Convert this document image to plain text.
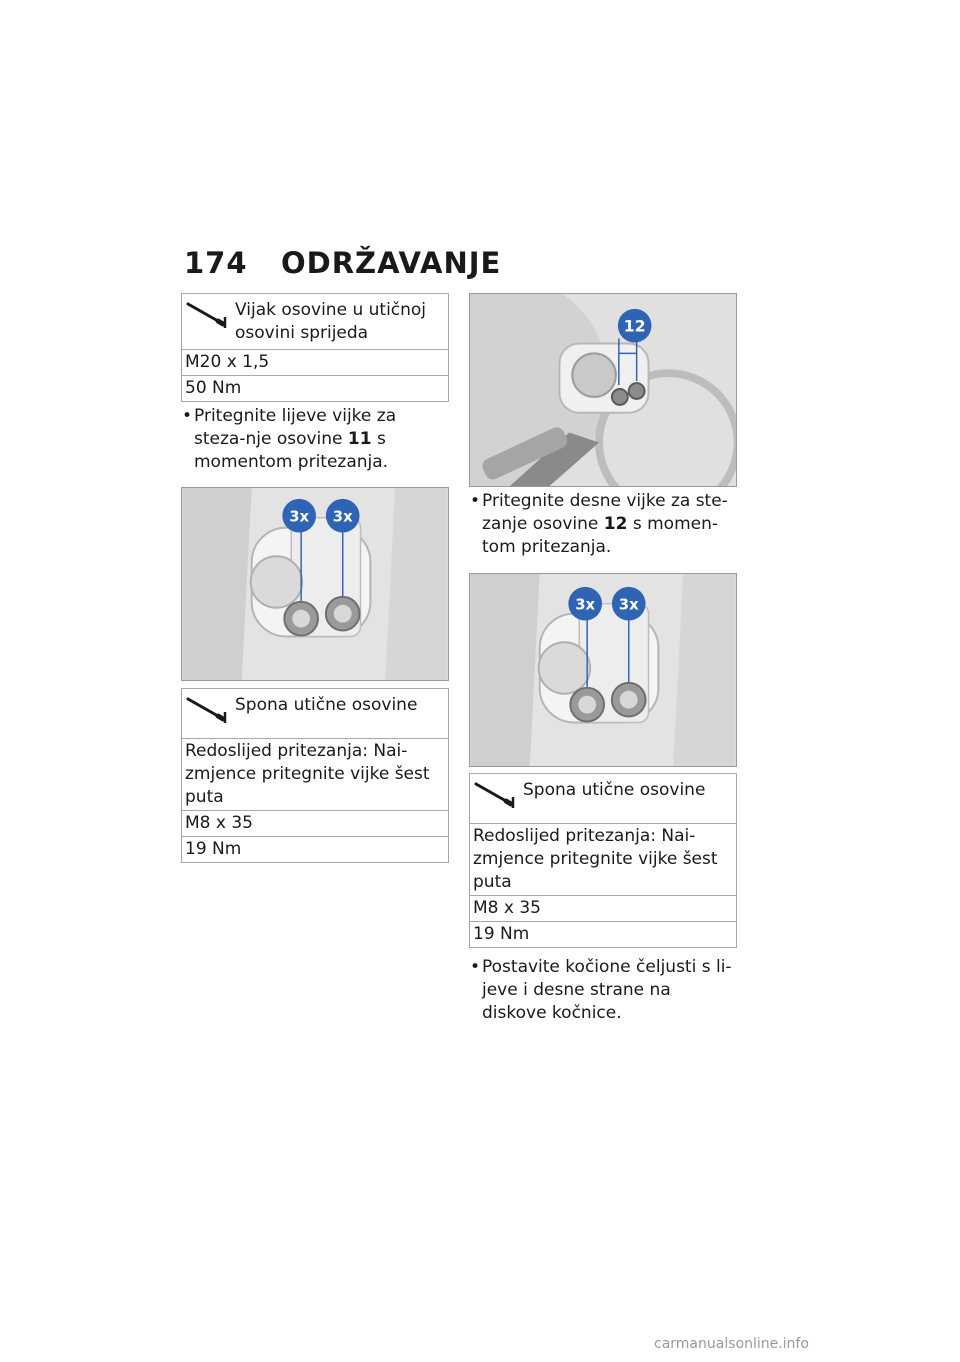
174 ODRŽAVANJE
Vijak osovine u utičnoj osovini sprijeda
M20 x 1,5
50 Nm
• Pritegnite lijeve vijke za steza-nje osovine 11 s momentom pritezanja.
3x 3x
Spona utične osovine
Redoslijed pritezanja: Nai-zmjence pritegnite vijke šest puta
M8 x 35
19 Nm
12
• Pritegnite desne vijke za ste-zanje osovine 12 s momen-tom pritezanja.
3x 3x
Spona utične osovine
Redoslijed pritezanja: Nai-zmjence pritegnite vijke šest puta
M8 x 35
19 Nm
• Postavite kočione čeljusti s li-jeve i desne strane na diskove kočnice.
carmanualsonline.info
